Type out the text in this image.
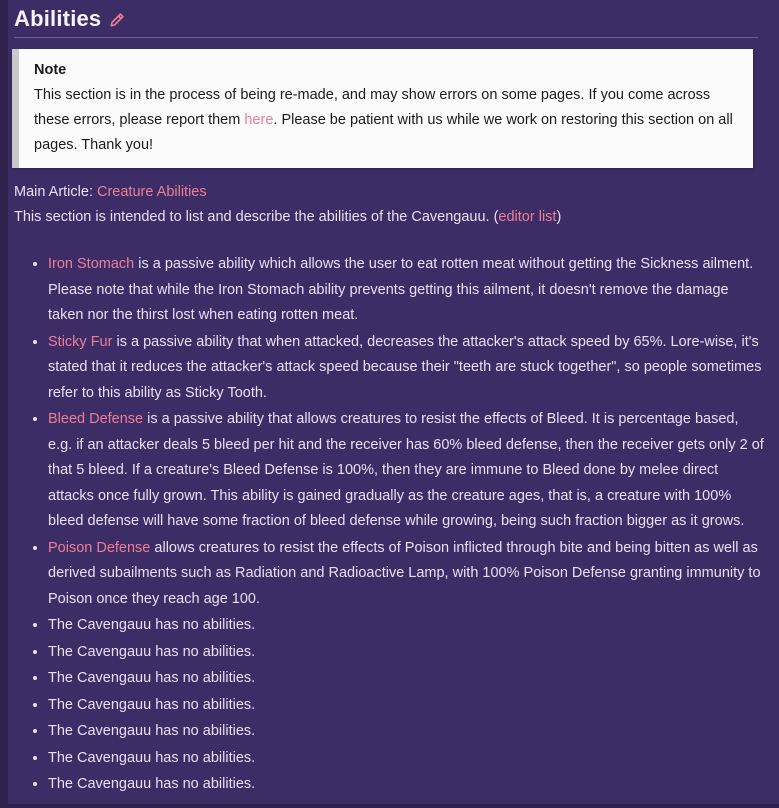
Abilities
Note
This section is in the process of being re-made, and may show errors on some pages. If you come across these errors, please report them here. Please be patient with us while we work on restoring this section on all pages. Thank you!

Main Article: Creature Abilities

This section is intended to list and describe the abilities of the Cavengauu. (editor list)

• Iron Stomach is a passive ability which allows the user to eat rotten meat without getting the Sickness ailment. Please note that while the Iron Stomach ability prevents getting this ailment, it doesn't remove the damage taken nor the thirst lost when eating rotten meat.
• Sticky Fur is a passive ability that when attacked, decreases the attacker's attack speed by 65%. Lore-wise, it's stated that it reduces the attacker's attack speed because their "teeth are stuck together", so people sometimes refer to this ability as Sticky Tooth.
• Bleed Defense is a passive ability that allows creatures to resist the effects of Bleed. It is percentage based, e.g. if an attacker deals 5 bleed per hit and the receiver has 60% bleed defense, then the receiver gets only 2 of that 5 bleed. If a creature's Bleed Defense is 100%, then they are immune to Bleed done by melee direct attacks once fully grown. This ability is gained gradually as the creature ages, that is, a creature with 100% bleed defense will have some fraction of bleed defense while growing, being such fraction bigger as it grows.
• Poison Defense allows creatures to resist the effects of Poison inflicted through bite and being bitten as well as derived subailments such as Radiation and Radioactive Lamp, with 100% Poison Defense granting immunity to Poison once they reach age 100.
• The Cavengauu has no abilities.
• The Cavengauu has no abilities.
• The Cavengauu has no abilities.
• The Cavengauu has no abilities.
• The Cavengauu has no abilities.
• The Cavengauu has no abilities.
• The Cavengauu has no abilities.
